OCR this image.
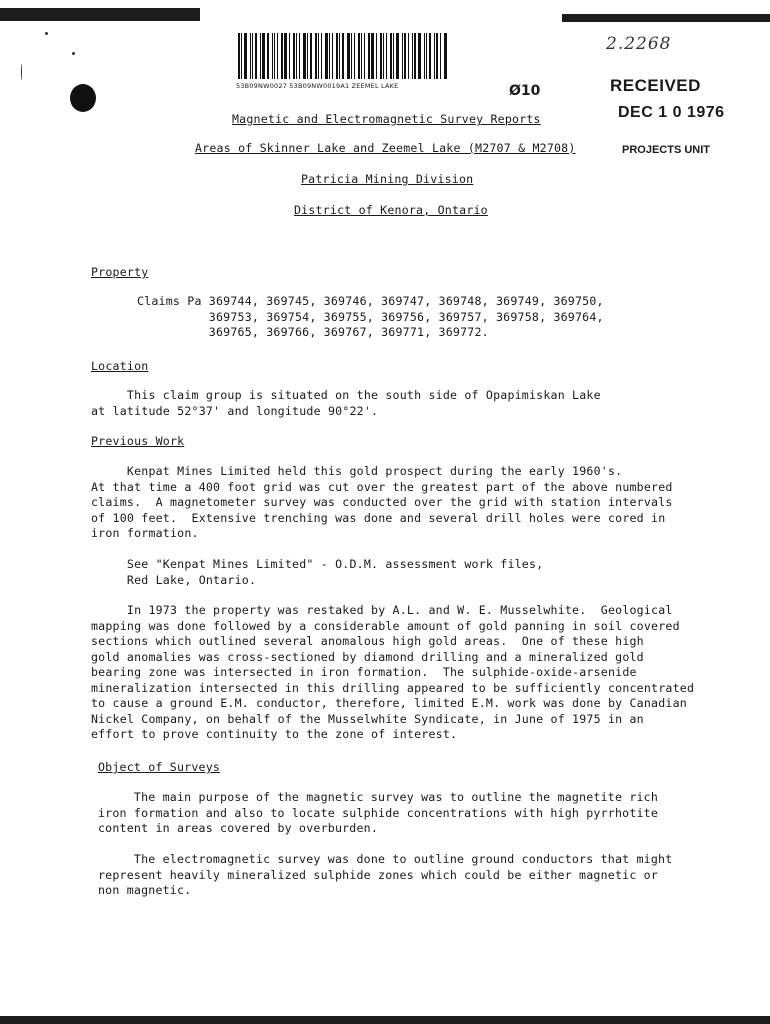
53B09NW0027 53B09NW0019A1 ZEEMEL LAKE	Ø10
2.2268
RECEIVED
DEC 1 0 1976
PROJECTS UNIT
Magnetic and Electromagnetic Survey Reports
Areas of Skinner Lake and Zeemel Lake (M2707 & M2708)
Patricia Mining Division
District of Kenora, Ontario
Property
Claims Pa 369744, 369745, 369746, 369747, 369748, 369749, 369750,
369753, 369754, 369755, 369756, 369757, 369758, 369764,
369765, 369766, 369767, 369771, 369772.
Location
This claim group is situated on the south side of Opapimiskan Lake
at latitude 52°37' and longitude 90°22'.
Previous Work
Kenpat Mines Limited held this gold prospect during the early 1960's.
At that time a 400 foot grid was cut over the greatest part of the above numbered
claims.  A magnetometer survey was conducted over the grid with station intervals
of 100 feet.  Extensive trenching was done and several drill holes were cored in
iron formation.
See "Kenpat Mines Limited" - O.D.M. assessment work files,
Red Lake, Ontario.
In 1973 the property was restaked by A.L. and W. E. Musselwhite.  Geological
mapping was done followed by a considerable amount of gold panning in soil covered
sections which outlined several anomalous high gold areas.  One of these high
gold anomalies was cross-sectioned by diamond drilling and a mineralized gold
bearing zone was intersected in iron formation.  The sulphide-oxide-arsenide
mineralization intersected in this drilling appeared to be sufficiently concentrated
to cause a ground E.M. conductor, therefore, limited E.M. work was done by Canadian
Nickel Company, on behalf of the Musselwhite Syndicate, in June of 1975 in an
effort to prove continuity to the zone of interest.
Object of Surveys
The main purpose of the magnetic survey was to outline the magnetite rich
iron formation and also to locate sulphide concentrations with high pyrrhotite
content in areas covered by overburden.
The electromagnetic survey was done to outline ground conductors that might
represent heavily mineralized sulphide zones which could be either magnetic or
non magnetic.
